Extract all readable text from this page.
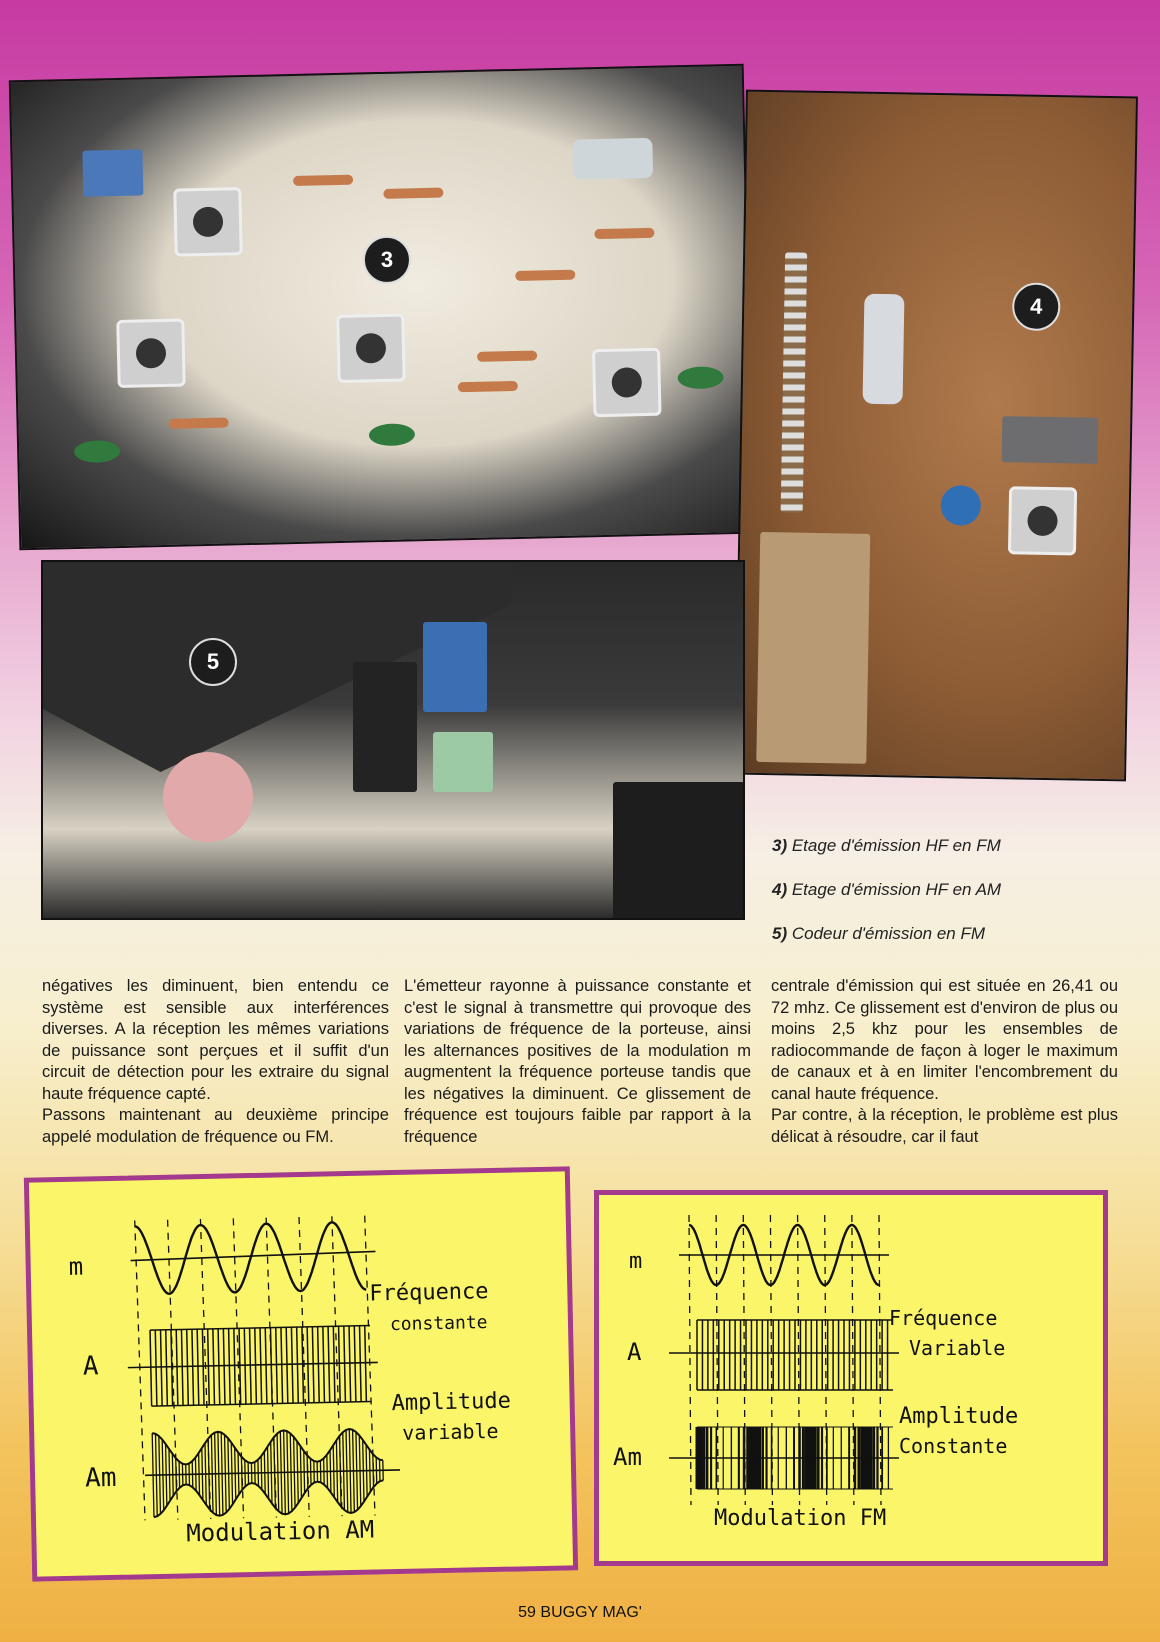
3
4
5
3) Etage d'émission HF en FM
4) Etage d'émission HF en AM
5) Codeur d'émission en FM

négatives les diminuent, bien entendu ce système est sensible aux interférences diverses. A la réception les mêmes variations de puissance sont perçues et il suffit d'un circuit de détection pour les extraire du signal haute fréquence capté.

Passons maintenant au deuxième principe appelé modulation de fréquence ou FM.

L'émetteur rayonne à puissance constante et c'est le signal à transmettre qui provoque des variations de fréquence de la porteuse, ainsi les alternances positives de la modulation m augmentent la fréquence porteuse tandis que les négatives la diminuent. Ce glissement de fréquence est toujours faible par rapport à la fréquence

centrale d'émission qui est située en 26,41 ou 72 mhz. Ce glissement est d'environ de plus ou moins 2,5 khz pour les ensembles de radiocommande de façon à loger le maximum de canaux et à en limiter l'encombrement du canal haute fréquence.

Par contre, à la réception, le problème est plus délicat à résoudre, car il faut

m
A
Am
Fréquence
constante
Amplitude
variable
Modulation AM
m
A
Am
Fréquence
Variable
Amplitude
Constante
Modulation FM
59 BUGGY MAG'
